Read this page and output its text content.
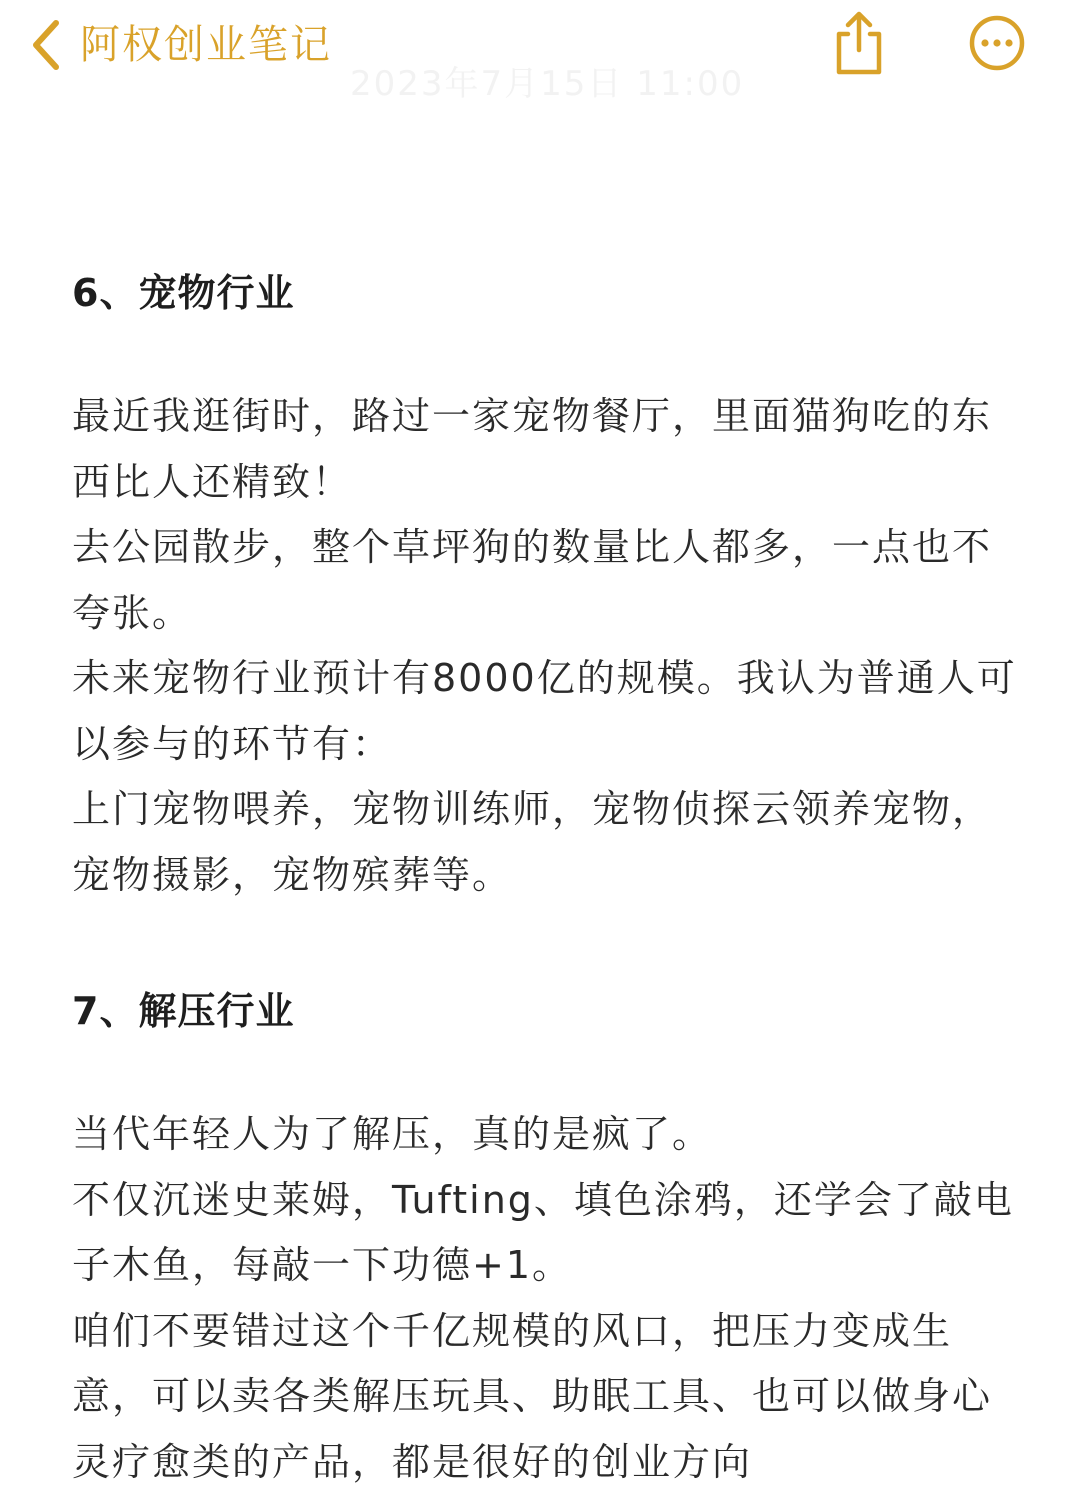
阿权创业笔记
2023年7月15日 11:00
6、宠物行业

最近我逛街时，路过一家宠物餐厅，里面猫狗吃的东西比人还精致！

去公园散步，整个草坪狗的数量比人都多，一点也不夸张。

未来宠物行业预计有8000亿的规模。我认为普通人可以参与的环节有：

上门宠物喂养，宠物训练师，宠物侦探云领养宠物，宠物摄影，宠物殡葬等。

7、解压行业

当代年轻人为了解压，真的是疯了。

不仅沉迷史莱姆，Tufting、填色涂鸦，还学会了敲电子木鱼，每敲一下功德+1。

咱们不要错过这个千亿规模的风口，把压力变成生意，可以卖各类解压玩具、助眠工具、也可以做身心灵疗愈类的产品，都是很好的创业方向
